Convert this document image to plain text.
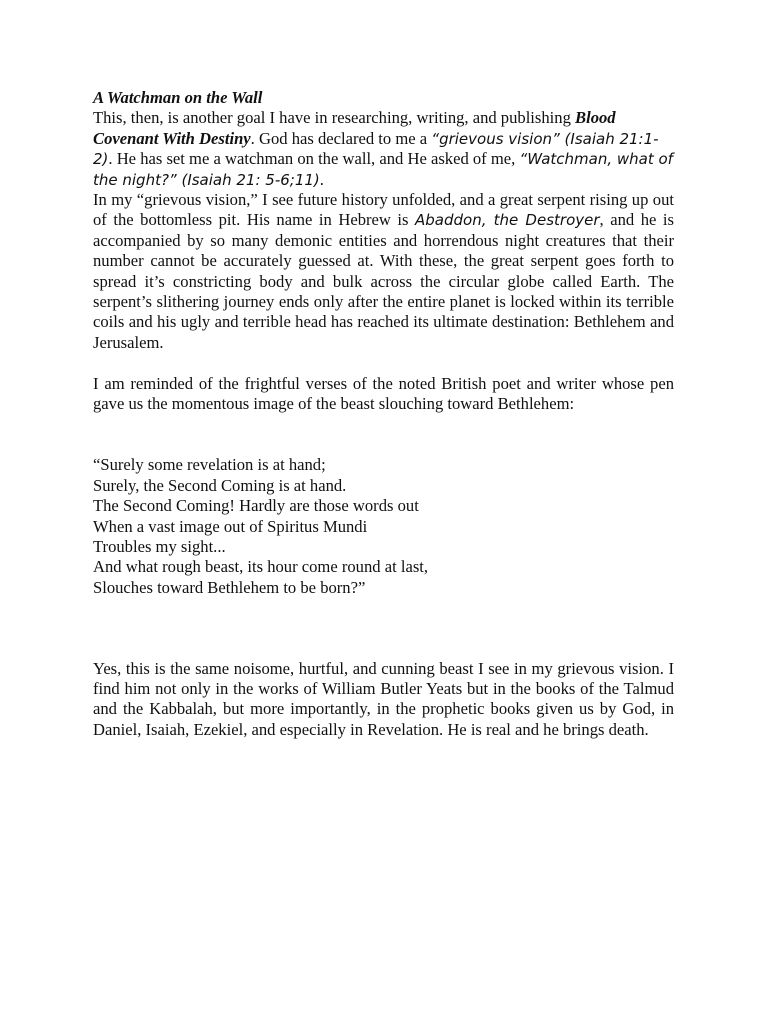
A Watchman on the Wall

This, then, is another goal I have in researching, writing, and publishing Blood Covenant With Destiny. God has declared to me a “grievous vision” (Isaiah 21:1-2). He has set me a watchman on the wall, and He asked of me, “Watchman, what of the night?” (Isaiah 21: 5-6;11).

In my “grievous vision,” I see future history unfolded, and a great serpent rising up out of the bottomless pit. His name in Hebrew is Abaddon, the Destroyer, and he is accompanied by so many demonic entities and horrendous night creatures that their number cannot be accurately guessed at. With these, the great serpent goes forth to spread it’s constricting body and bulk across the circular globe called Earth. The serpent’s slithering journey ends only after the entire planet is locked within its terrible coils and his ugly and terrible head has reached its ultimate destination: Bethlehem and Jerusalem.

I am reminded of the frightful verses of the noted British poet and writer whose pen gave us the momentous image of the beast slouching toward Bethlehem:

“Surely some revelation is at hand;
Surely, the Second Coming is at hand.
The Second Coming! Hardly are those words out
When a vast image out of Spiritus Mundi
Troubles my sight...
And what rough beast, its hour come round at last,
Slouches toward Bethlehem to be born?”

Yes, this is the same noisome, hurtful, and cunning beast I see in my grievous vision. I find him not only in the works of William Butler Yeats but in the books of the Talmud and the Kabbalah, but more importantly, in the prophetic books given us by God, in Daniel, Isaiah, Ezekiel, and especially in Revelation. He is real and he brings death.
